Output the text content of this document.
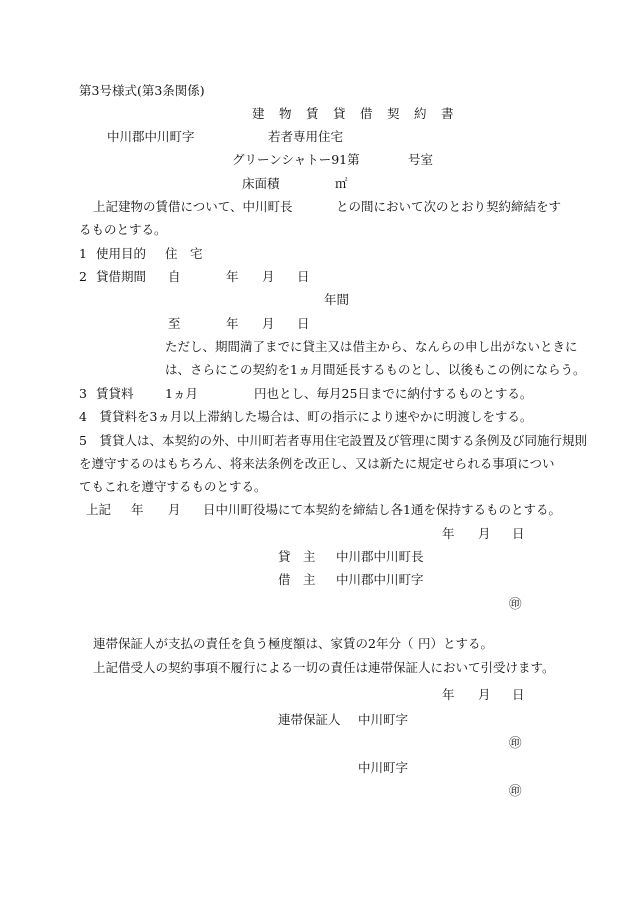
第3号様式(第3条関係)
建　物　賃　貸　借　契　約　書
中川郡中川町字	若者専用住宅
グリーンシャトー91第	号室
床面積	㎡
上記建物の賃借について、中川町長	との間において次のとおり契約締結をす
るものとする。
1 使用目的 住　宅
2 貸借期間 自	年 月 日
年間
至	年 月 日
ただし、期間満了までに貸主又は借主から、なんらの申し出がないときに
は、さらにこの契約を1ヵ月間延長するものとし、以後もこの例にならう。
3 賃貸料	1ヵ月	円也とし、毎月25日までに納付するものとする。
4　賃貸料を3ヵ月以上滞納した場合は、町の指示により速やかに明渡しをする。
5　賃貸人は、本契約の外、中川町若者専用住宅設置及び管理に関する条例及び同施行規則
を遵守するのはもちろん、将来法条例を改正し、又は新たに規定せられる事項につい
てもこれを遵守するものとする。
上記 年 月 日中川町役場にて本契約を締結し各1通を保持するものとする。
年 月 日
貸　主 中川郡中川町長
借　主 中川郡中川町字
㊞
連帯保証人が支払の責任を負う極度額は、家賃の2年分（ 円）とする。
上記借受人の契約事項不履行による一切の責任は連帯保証人において引受けます。
年 月 日
連帯保証人 中川町字
㊞
中川町字
㊞
